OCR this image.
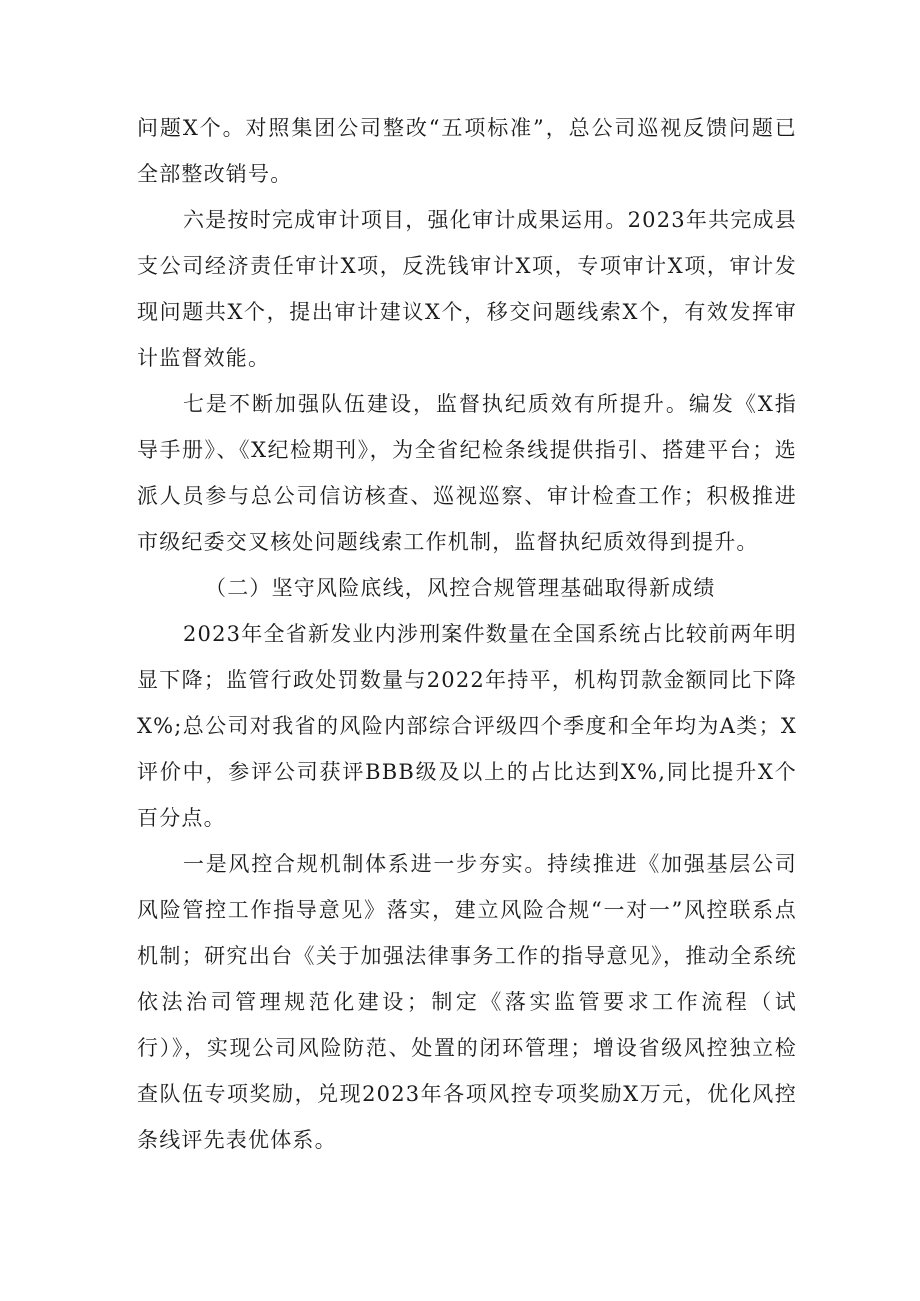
问题X个。对照集团公司整改“五项标准”，总公司巡视反馈问题已全部整改销号。

六是按时完成审计项目，强化审计成果运用。2023年共完成县支公司经济责任审计X项，反洗钱审计X项，专项审计X项，审计发现问题共X个，提出审计建议X个，移交问题线索X个，有效发挥审计监督效能。

七是不断加强队伍建设，监督执纪质效有所提升。编发《X指导手册》、《X纪检期刊》，为全省纪检条线提供指引、搭建平台；选派人员参与总公司信访核查、巡视巡察、审计检查工作；积极推进市级纪委交叉核处问题线索工作机制，监督执纪质效得到提升。

（二）坚守风险底线，风控合规管理基础取得新成绩

2023年全省新发业内涉刑案件数量在全国系统占比较前两年明显下降；监管行政处罚数量与2022年持平，机构罚款金额同比下降X%;总公司对我省的风险内部综合评级四个季度和全年均为A类；X评价中，参评公司获评BBB级及以上的占比达到X%,同比提升X个百分点。

一是风控合规机制体系进一步夯实。持续推进《加强基层公司风险管控工作指导意见》落实，建立风险合规“一对一”风控联系点机制；研究出台《关于加强法律事务工作的指导意见》，推动全系统依法治司管理规范化建设；制定《落实监管要求工作流程（试行）》，实现公司风险防范、处置的闭环管理；增设省级风控独立检查队伍专项奖励，兑现2023年各项风控专项奖励X万元，优化风控条线评先表优体系。
